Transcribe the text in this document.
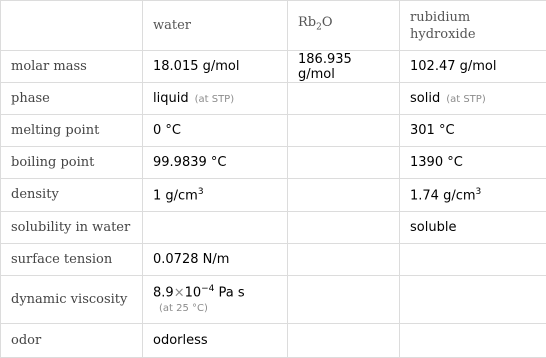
	water	$Rb_2O$	rubidium
hydroxide
molar mass	18.015 g/mol	186.935 g/mol	102.47 g/mol
phase	liquid (at STP)		solid (at STP)
melting point	0 °C		301 °C
boiling point	99.9839 °C		1390 °C
density	1 $g/cm^3$		1.74 $g/cm^3$
solubility in water			soluble
surface tension	0.0728 N/m		
dynamic viscosity	$8.9\times 10^{-4}$ Pa s
(at 25 °C)		

odor	odorless		
